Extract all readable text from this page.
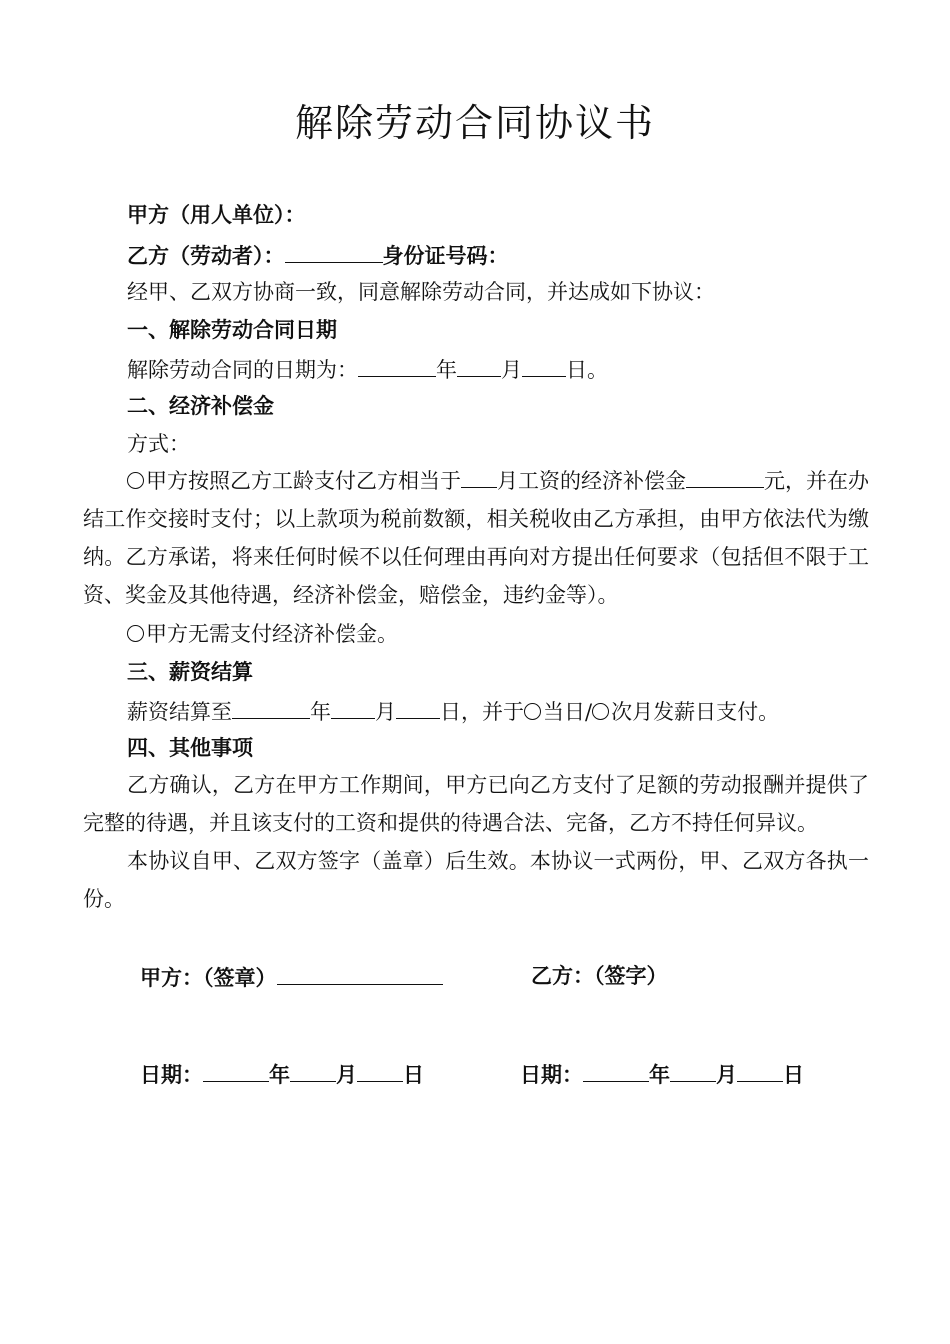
解除劳动合同协议书
甲方（用人单位）：
乙方（劳动者）：	身份证号码：
经甲、乙双方协商一致，同意解除劳动合同，并达成如下协议：
一、解除劳动合同日期
解除劳动合同的日期为：	年 月 日。
二、经济补偿金
方式：

甲方按照乙方工龄支付乙方相当于 月工资的经济补偿金	元，并在办结工作交接时支付；以上款项为税前数额，相关税收由乙方承担，由甲方依法代为缴纳。乙方承诺，将来任何时候不以任何理由再向对方提出任何要求（包括但不限于工资、奖金及其他待遇，经济补偿金，赔偿金，违约金等）。

甲方无需支付经济补偿金。
三、薪资结算
薪资结算至	年 月 日，并于 当日/ 次月发薪日支付。
四、其他事项

乙方确认，乙方在甲方工作期间，甲方已向乙方支付了足额的劳动报酬并提供了完整的待遇，并且该支付的工资和提供的待遇合法、完备，乙方不持任何异议。

本协议自甲、乙双方签字（盖章）后生效。本协议一式两份，甲、乙双方各执一份。

甲方：（签章）	乙方：（签字）
日期：	年 月 日	日期：	年 月 日
